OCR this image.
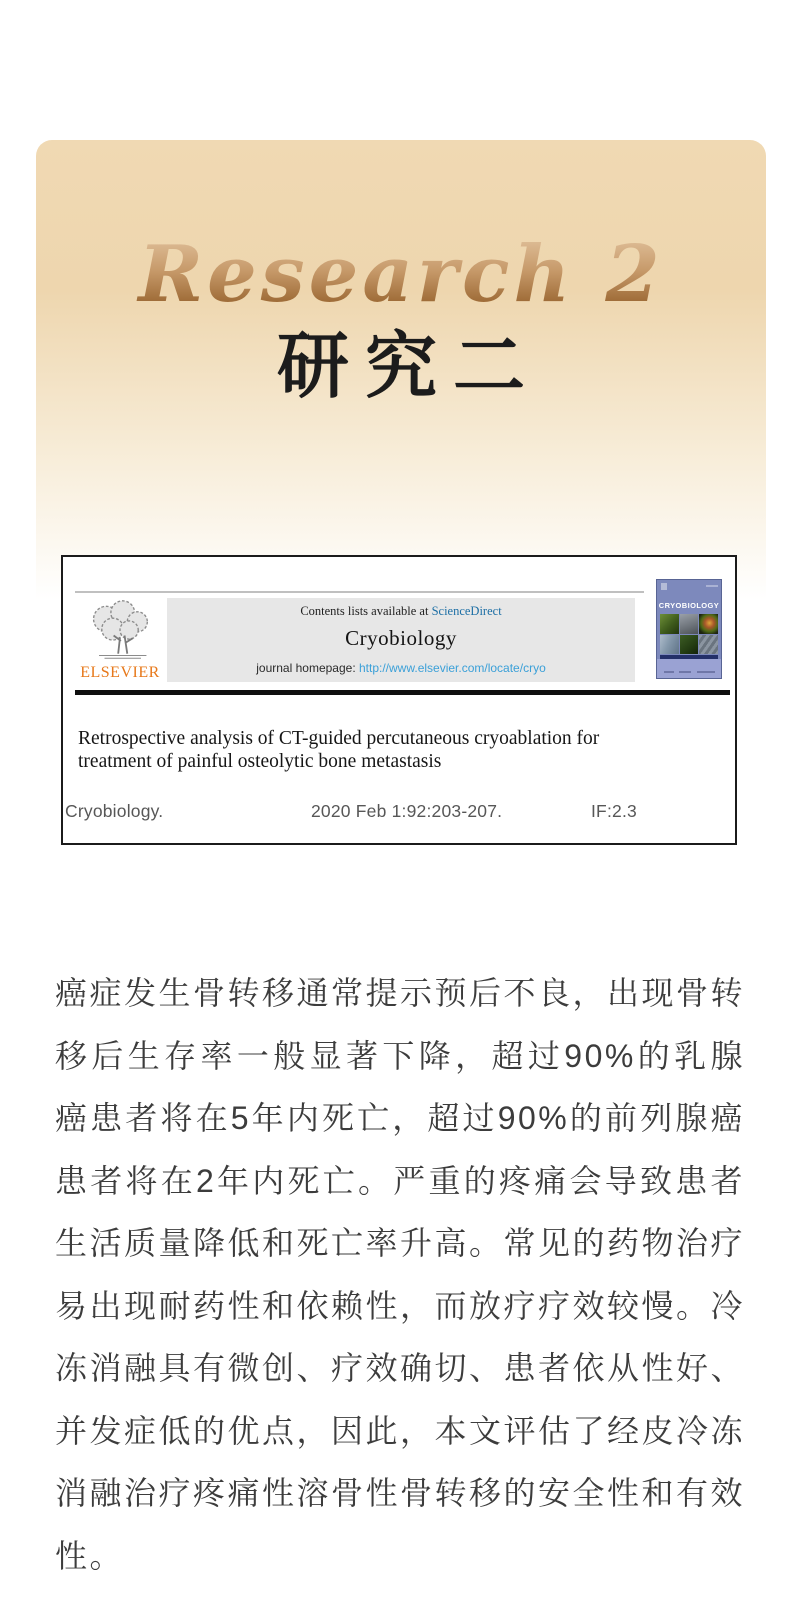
Research 2
研究二
ELSEVIER
Contents lists available at ScienceDirect
Cryobiology
journal homepage: http://www.elsevier.com/locate/cryo
CRYOBIOLOGY
Retrospective analysis of CT-guided percutaneous cryoablation for treatment of painful osteolytic bone metastasis
Cryobiology.	2020 Feb 1:92:203-207.	IF:2.3

癌症发生骨转移通常提示预后不良，出现骨转移后生存率一般显著下降，超过90%的乳腺癌患者将在5年内死亡，超过90%的前列腺癌患者将在2年内死亡。严重的疼痛会导致患者生活质量降低和死亡率升高。常见的药物治疗易出现耐药性和依赖性，而放疗疗效较慢。冷冻消融具有微创、疗效确切、患者依从性好、并发症低的优点，因此，本文评估了经皮冷冻消融治疗疼痛性溶骨性骨转移的安全性和有效性。
